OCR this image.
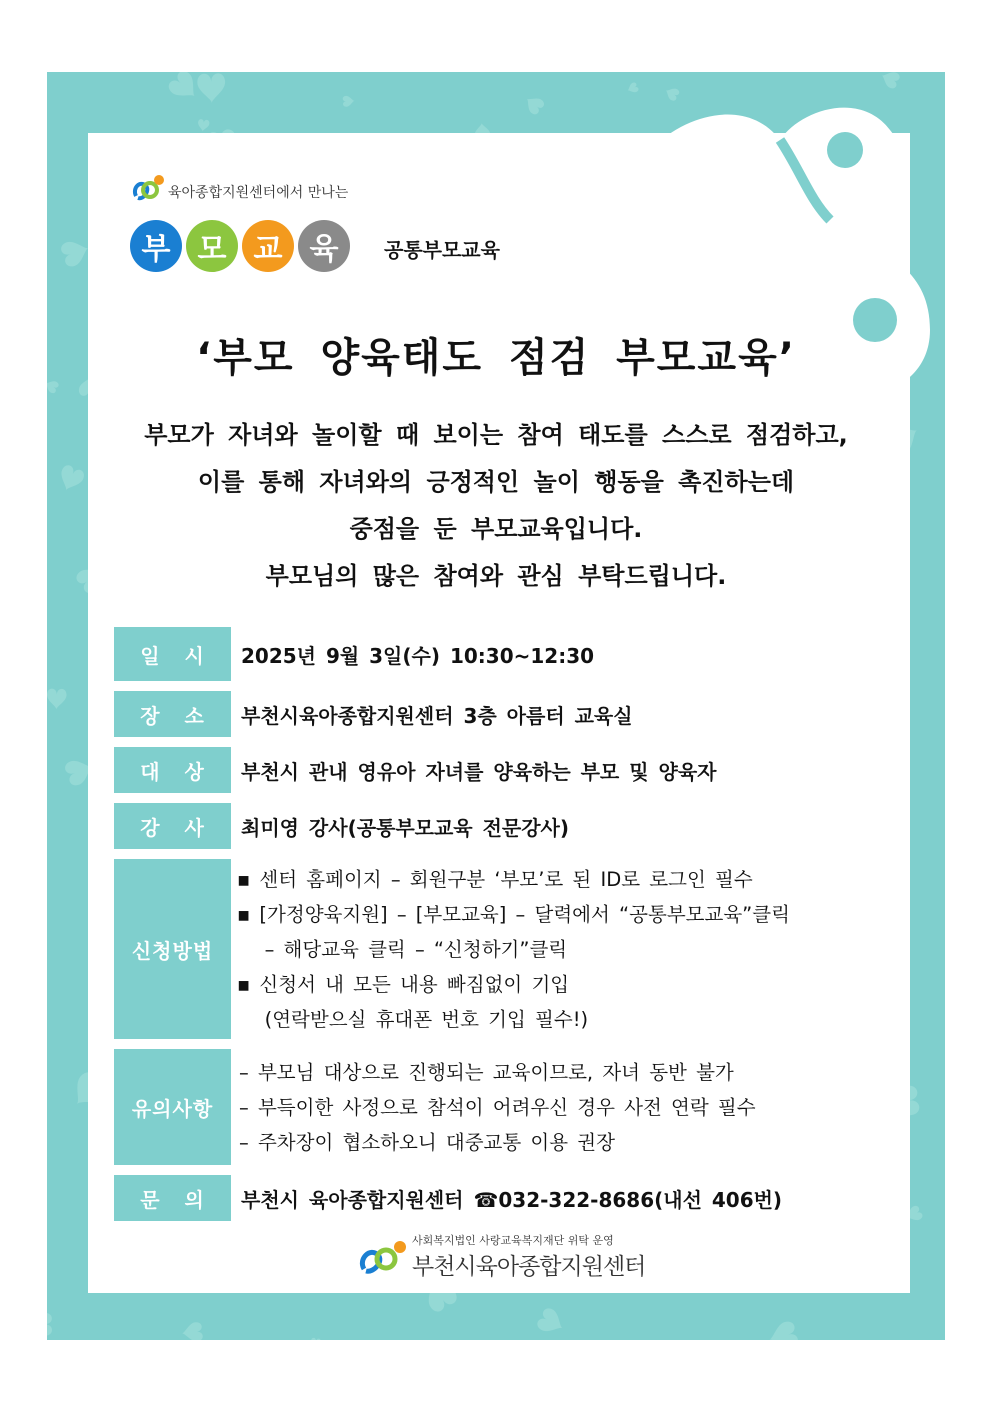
육아종합지원센터에서 만나는
부 모 교 육	공통부모교육
‘부모 양육태도 점검 부모교육’
부모가 자녀와 놀이할 때 보이는 참여 태도를 스스로 점검하고,
이를 통해 자녀와의 긍정적인 놀이 행동을 촉진하는데
중점을 둔 부모교육입니다.
부모님의 많은 참여와 관심 부탁드립니다.
일   시	2025년 9월 3일(수) 10:30~12:30
장   소	부천시육아종합지원센터 3층 아름터 교육실
대   상	부천시 관내 영유아 자녀를 양육하는 부모 및 양육자
강   사	최미영 강사(공통부모교육 전문강사)
신청방법
▪ 센터 홈페이지 – 회원구분 ‘부모’로 된 ID로 로그인 필수
▪ [가정양육지원] – [부모교육] – 달력에서 “공통부모교육”클릭
– 해당교육 클릭 – “신청하기”클릭
▪ 신청서 내 모든 내용 빠짐없이 기입
(연락받으실 휴대폰 번호 기입 필수!)
유의사항
– 부모님 대상으로 진행되는 교육이므로, 자녀 동반 불가
– 부득이한 사정으로 참석이 어려우신 경우 사전 연락 필수
– 주차장이 협소하오니 대중교통 이용 권장
문   의	부천시 육아종합지원센터 ☎032-322-8686(내선 406번)
사회복지법인 사랑교육복지재단 위탁 운영
부천시육아종합지원센터
